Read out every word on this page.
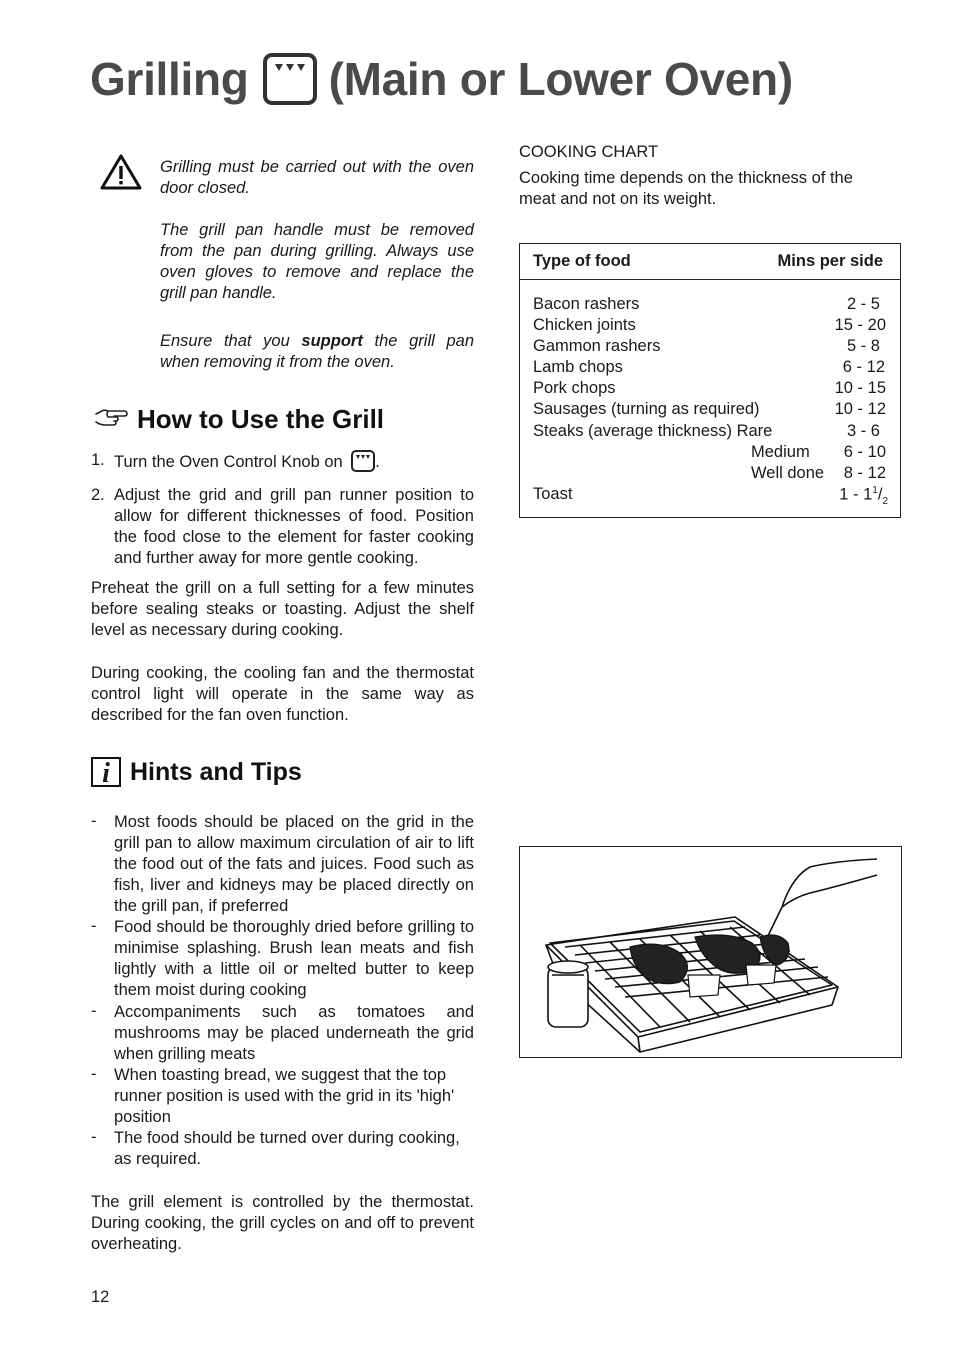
Grilling (Main or Lower Oven)
Grilling must be carried out with the oven door closed.
The grill pan handle must be removed from the pan during grilling. Always use oven gloves to remove and replace the grill pan handle.
Ensure that you support the grill pan when removing it from the oven.
How to Use the Grill
1. Turn the Oven Control Knob on .
2. Adjust the grid and grill pan runner position to allow for different thicknesses of food. Position the food close to the element for faster cooking and further away for more gentle cooking.
Preheat the grill on a full setting for a few minutes before sealing steaks or toasting. Adjust the shelf level as necessary during cooking.
During cooking, the cooling fan and the thermostat control light will operate in the same way as described for the fan oven function.
i Hints and Tips
- Most foods should be placed on the grid in the grill pan to allow maximum circulation of air to lift the food out of the fats and juices. Food such as fish, liver and kidneys may be placed directly on the grill pan, if preferred
- Food should be thoroughly dried before grilling to minimise splashing. Brush lean meats and fish lightly with a little oil or melted butter to keep them moist during cooking
- Accompaniments such as tomatoes and mushrooms may be placed underneath the grid when grilling meats
- When toasting bread, we suggest that the top runner position is used with the grid in its 'high' position
- The food should be turned over during cooking, as required.
The grill element is controlled by the thermostat. During cooking, the grill cycles on and off to prevent overheating.
12
COOKING CHART
Cooking time depends on the thickness of the meat and not on its weight.
Type of food	Mins per side
Bacon rashers	2 - 5
Chicken joints	15 - 20
Gammon rashers	5 - 8
Lamb chops	6 - 12
Pork chops	10 - 15
Sausages (turning as required)	10 - 12
Steaks (average thickness) Rare	3 - 6
Medium 6 - 10
Well done 8 - 12
Toast	$1 - 1^1/_2$
